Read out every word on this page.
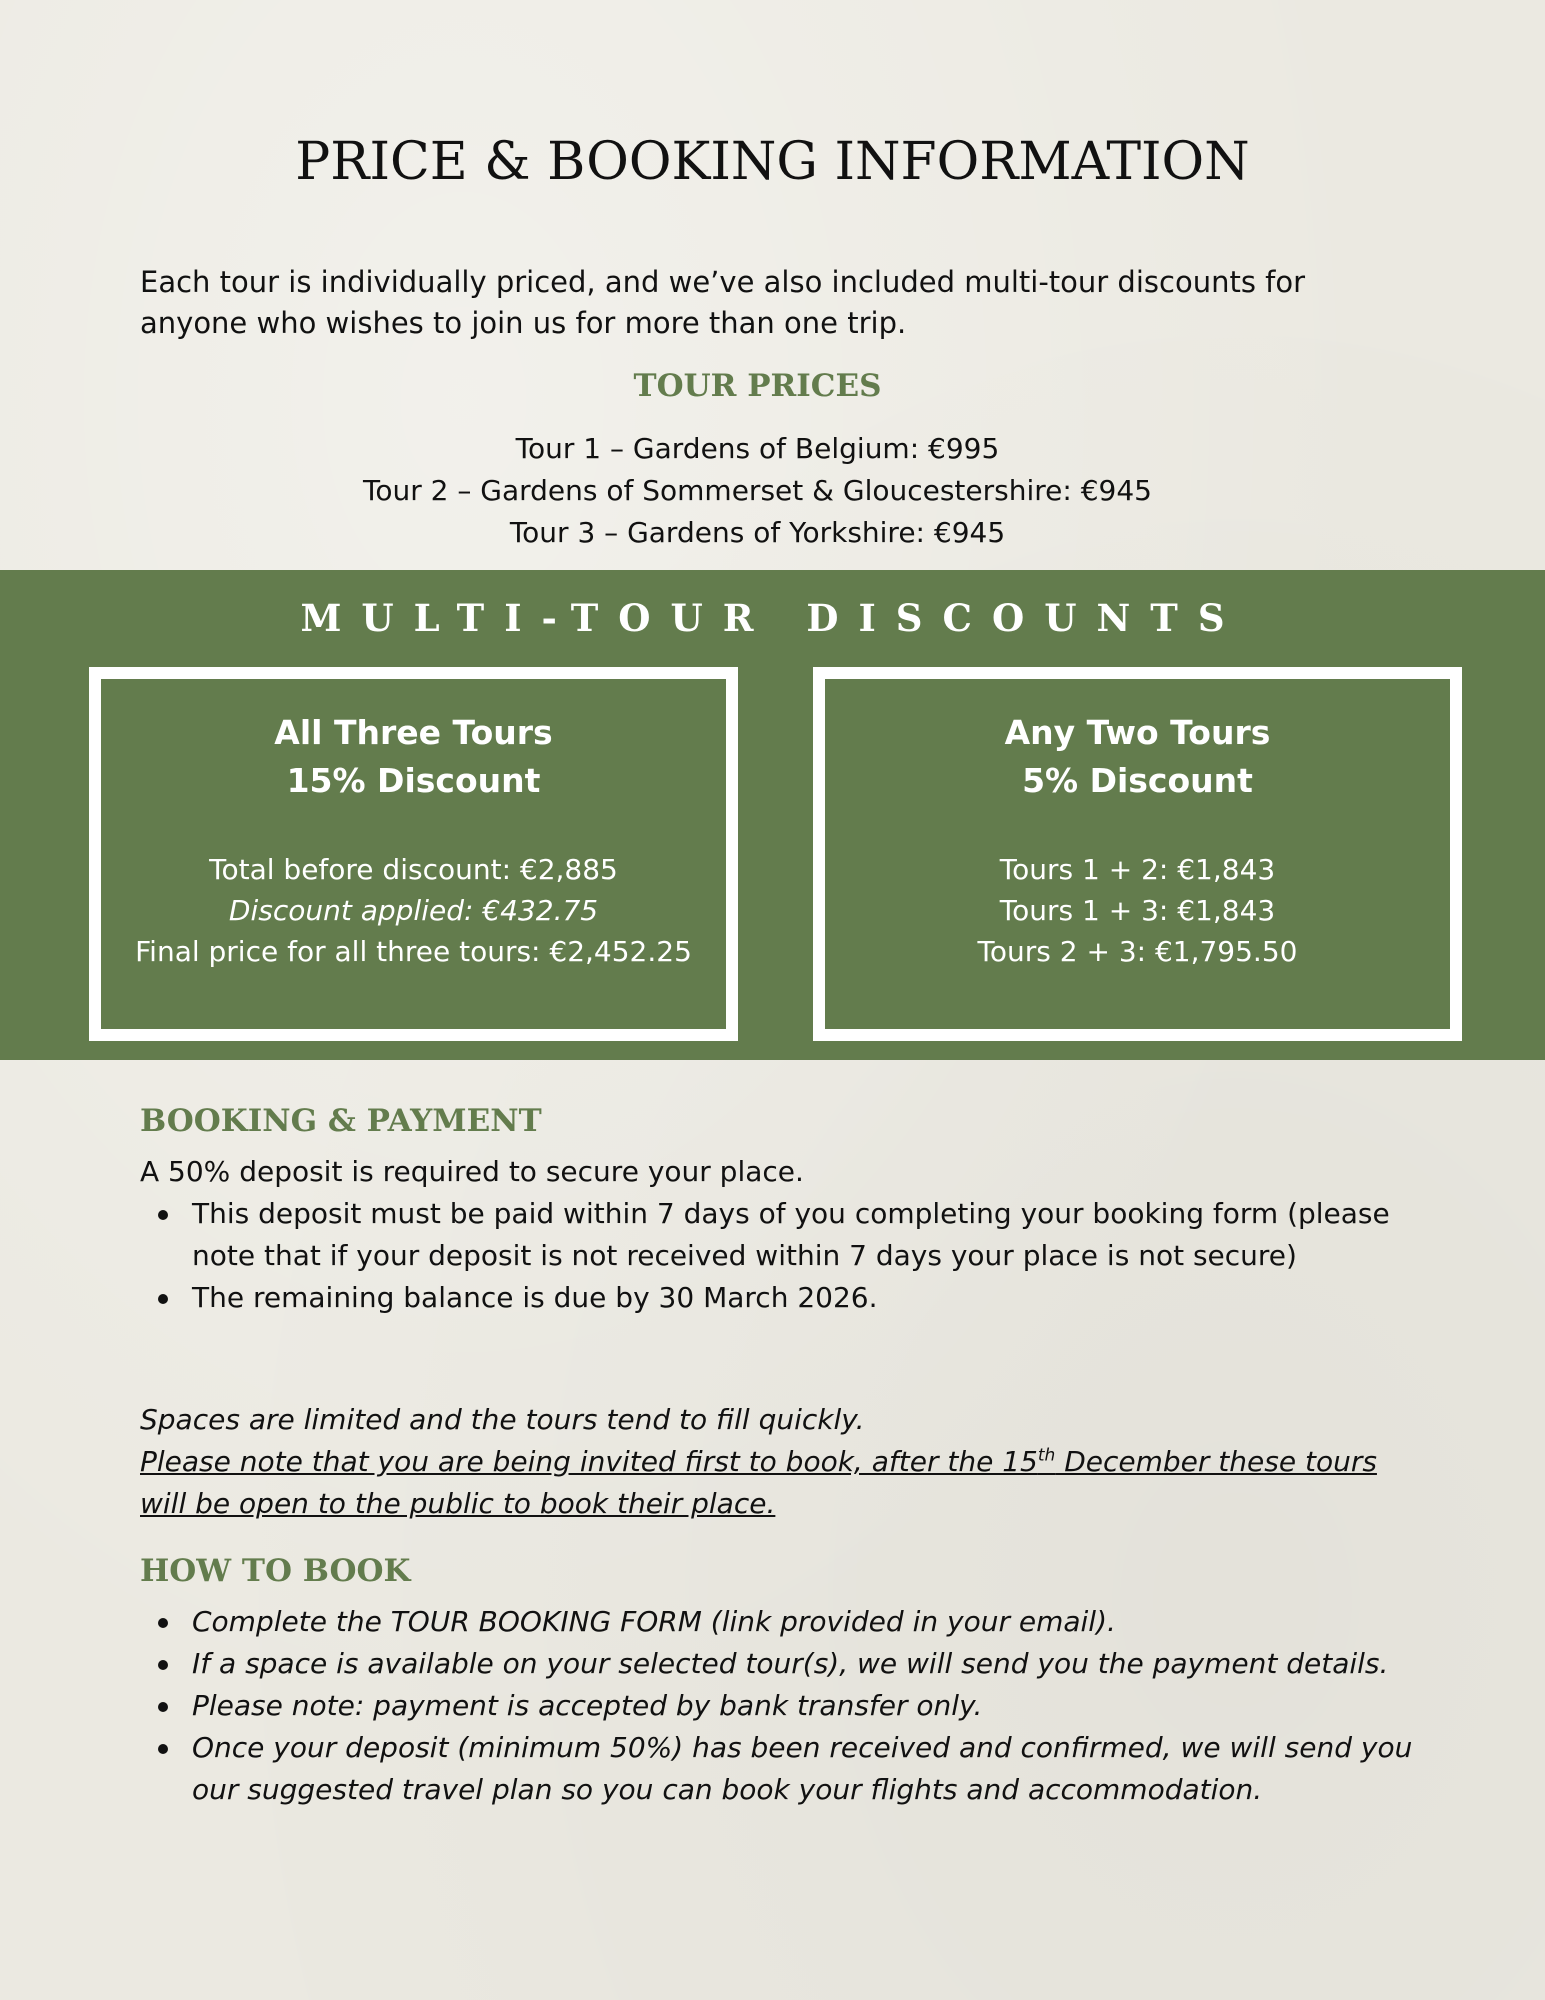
PRICE & BOOKING INFORMATION

Each tour is individually priced, and we’ve also included multi-tour discounts for anyone who wishes to join us for more than one trip.

TOUR PRICES
Tour 1 – Gardens of Belgium: €995
Tour 2 – Gardens of Sommerset & Gloucestershire: €945
Tour 3 – Gardens of Yorkshire: €945
MULTI-TOUR DISCOUNTS

All Three Tours
15% Discount

Total before discount: €2,885
Discount applied: €432.75
Final price for all three tours: €2,452.25

Any Two Tours
5% Discount

Tours 1 + 2: €1,843
Tours 1 + 3: €1,843
Tours 2 + 3: €1,795.50
BOOKING & PAYMENT

A 50% deposit is required to secure your place.

This deposit must be paid within 7 days of you completing your booking form (please note that if your deposit is not received within 7 days your place is not secure)
The remaining balance is due by 30 March 2026.

Spaces are limited and the tours tend to fill quickly.

Please note that you are being invited first to book, after the 15th December these tours will be open to the public to book their place.

HOW TO BOOK
Complete the TOUR BOOKING FORM (link provided in your email).
If a space is available on your selected tour(s), we will send you the payment details.
Please note: payment is accepted by bank transfer only.
Once your deposit (minimum 50%) has been received and confirmed, we will send you our suggested travel plan so you can book your flights and accommodation.
